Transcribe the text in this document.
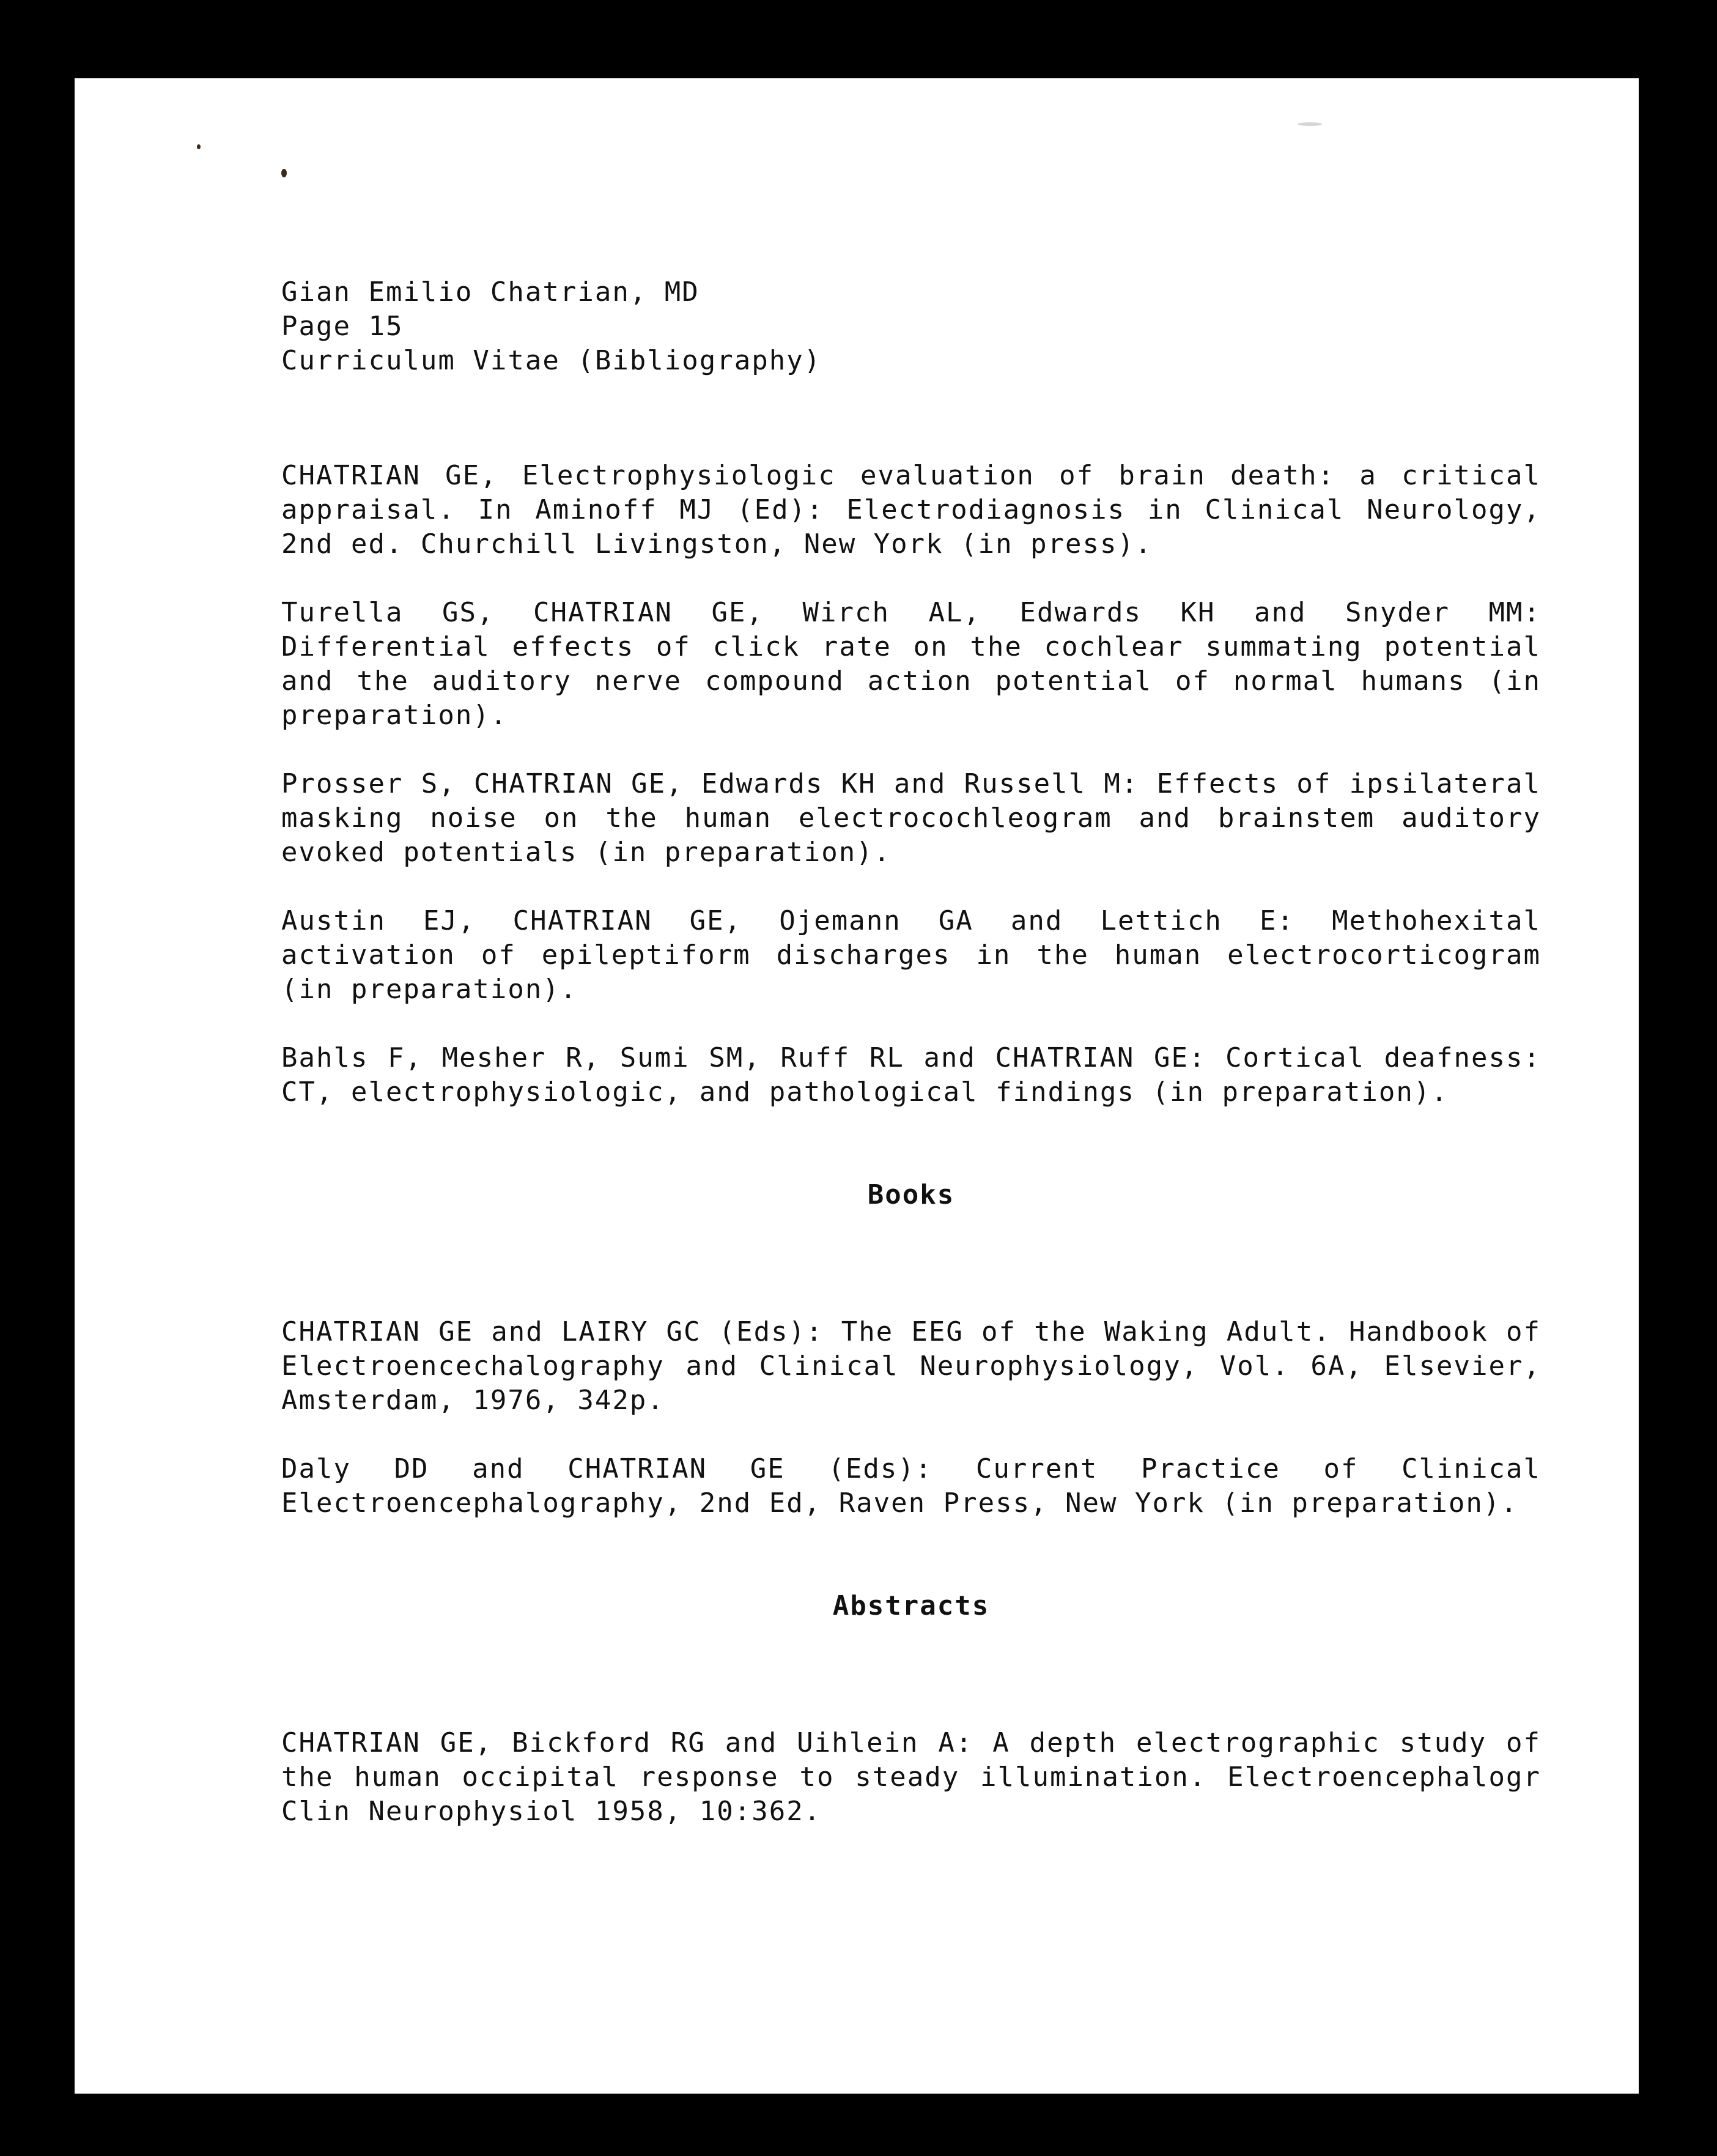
Gian Emilio Chatrian, MD
Page 15
Curriculum Vitae (Bibliography)

CHATRIAN GE, Electrophysiologic evaluation of brain death: a critical appraisal. In Aminoff MJ (Ed): Electrodiagnosis in Clinical Neurology, 2nd ed. Churchill Livingston, New York (in press).

Turella GS, CHATRIAN GE, Wirch AL, Edwards KH and Snyder MM: Differential effects of click rate on the cochlear summating potential and the auditory nerve compound action potential of normal humans (in preparation).

Prosser S, CHATRIAN GE, Edwards KH and Russell M: Effects of ipsilateral masking noise on the human electrocochleogram and brainstem auditory evoked potentials (in preparation).

Austin EJ, CHATRIAN GE, Ojemann GA and Lettich E: Methohexital activation of epileptiform discharges in the human electrocorticogram (in preparation).

Bahls F, Mesher R, Sumi SM, Ruff RL and CHATRIAN GE: Cortical deafness: CT, electrophysiologic, and pathological findings (in preparation).

Books

CHATRIAN GE and LAIRY GC (Eds): The EEG of the Waking Adult. Handbook of Electroencechalography and Clinical Neurophysiology, Vol. 6A, Elsevier, Amsterdam, 1976, 342p.

Daly DD and CHATRIAN GE (Eds): Current Practice of Clinical Electroencephalography, 2nd Ed, Raven Press, New York (in preparation).

Abstracts

CHATRIAN GE, Bickford RG and Uihlein A: A depth electrographic study of the human occipital response to steady illumination. Electroencephalogr Clin Neurophysiol 1958, 10:362.
